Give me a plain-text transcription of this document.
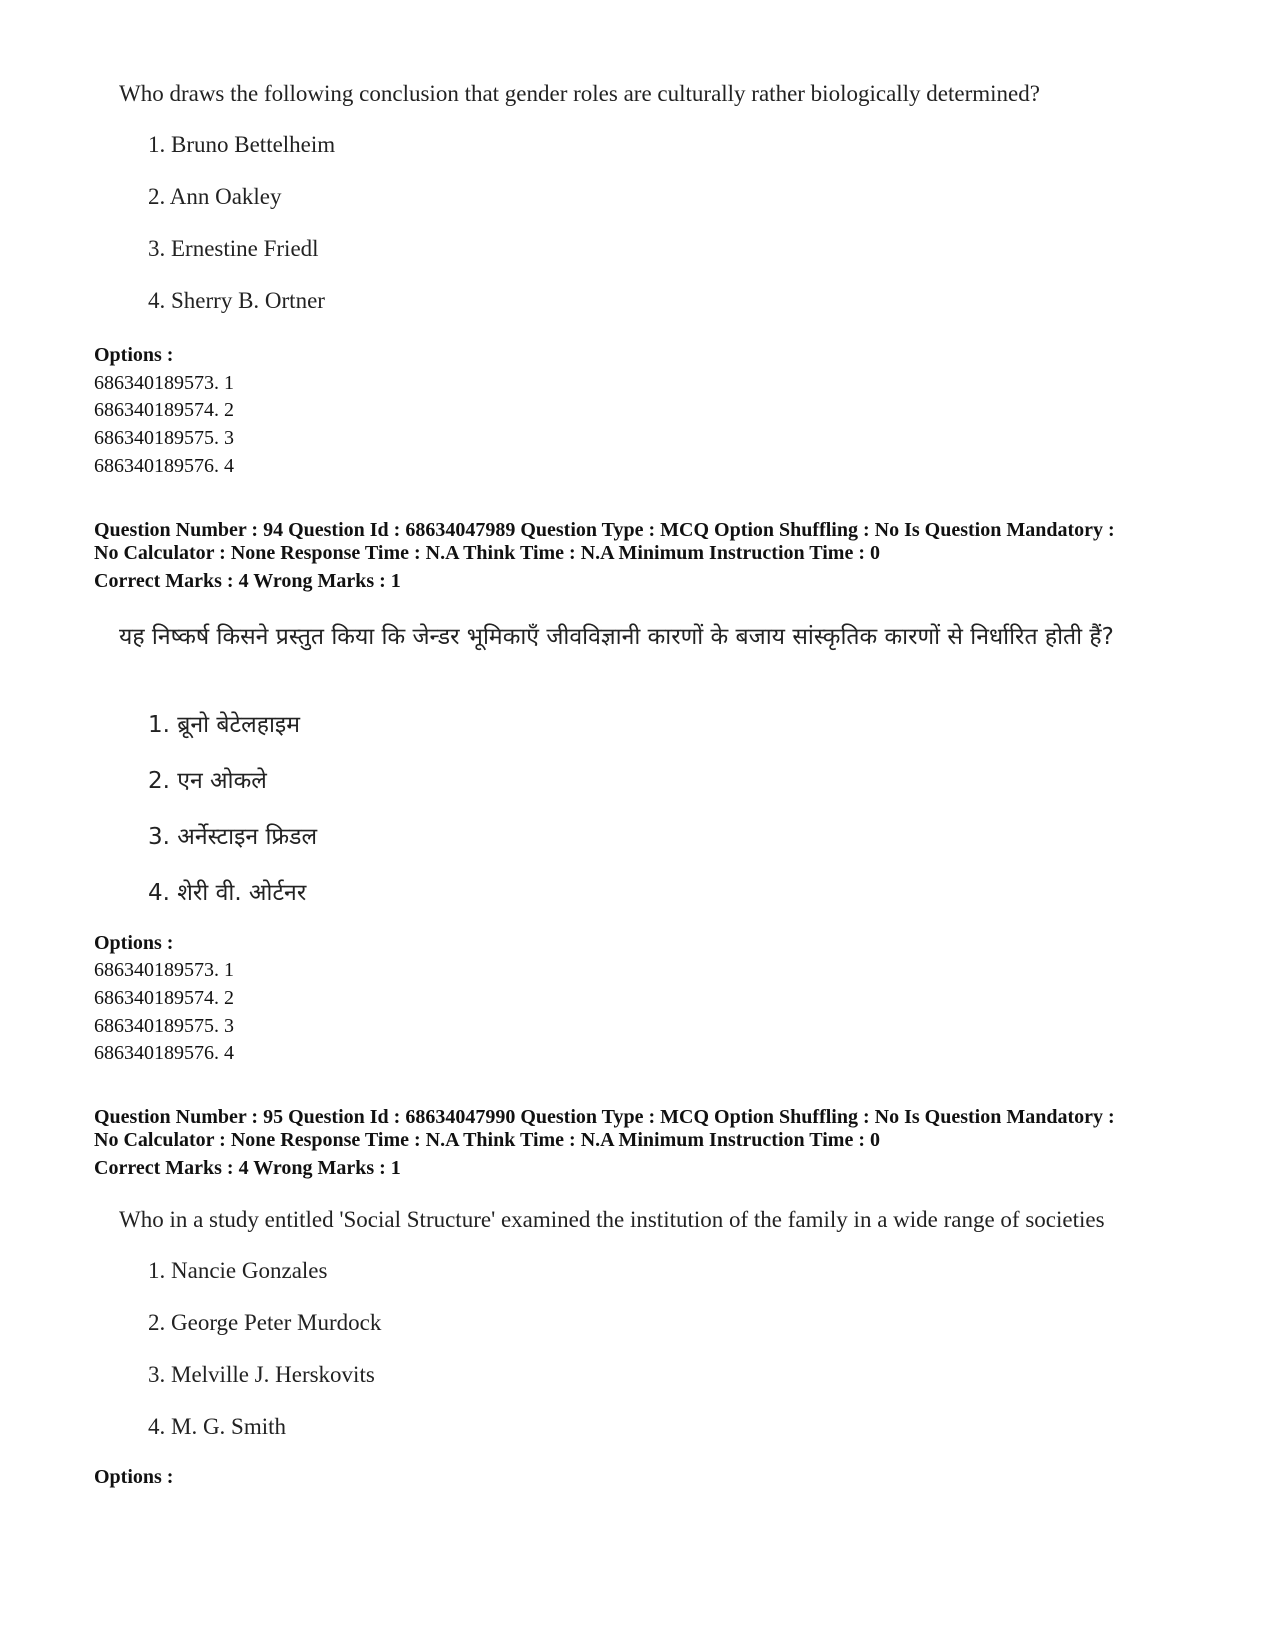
Who draws the following conclusion that gender roles are culturally rather biologically determined?
1. Bruno Bettelheim
2. Ann Oakley
3. Ernestine Friedl
4. Sherry B. Ortner
Options :
686340189573. 1
686340189574. 2
686340189575. 3
686340189576. 4
Question Number : 94 Question Id : 68634047989 Question Type : MCQ Option Shuffling : No Is Question Mandatory :
No Calculator : None Response Time : N.A Think Time : N.A Minimum Instruction Time : 0
Correct Marks : 4 Wrong Marks : 1
यह निष्कर्ष किसने प्रस्तुत किया कि जेन्डर भूमिकाएँ जीवविज्ञानी कारणों के बजाय सांस्कृतिक कारणों से निर्धारित होती हैं?
1. ब्रूनो बेटेलहाइम
2. एन ओकले
3. अर्नेस्टाइन फ्रिडल
4. शेरी वी. ओर्टनर
Options :
686340189573. 1
686340189574. 2
686340189575. 3
686340189576. 4
Question Number : 95 Question Id : 68634047990 Question Type : MCQ Option Shuffling : No Is Question Mandatory :
No Calculator : None Response Time : N.A Think Time : N.A Minimum Instruction Time : 0
Correct Marks : 4 Wrong Marks : 1
Who in a study entitled 'Social Structure' examined the institution of the family in a wide range of societies
1. Nancie Gonzales
2. George Peter Murdock
3. Melville J. Herskovits
4. M. G. Smith
Options :
